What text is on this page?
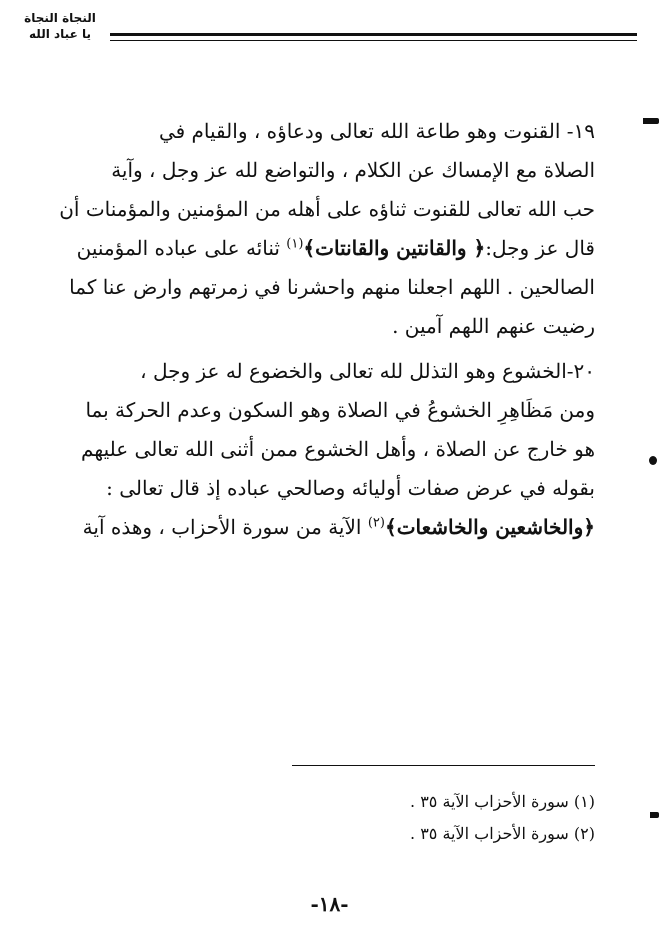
النجاة النجاة
يا عباد الله

١٩- القنوت وهو طاعة الله تعالى ودعاؤه ، والقيام في

الصلاة مع الإمساك عن الكلام ، والتواضع لله عز وجل ، وآية

حب الله تعالى للقنوت ثناؤه على أهله من المؤمنين والمؤمنات أن

قال عز وجل:﴿ والقانتين والقانتات﴾$^{(١)}$ ثنائه على عباده المؤمنين

الصالحين . اللهم اجعلنا منهم واحشرنا في زمرتهم وارض عنا كما

رضيت عنهم اللهم آمين .

٢٠-الخشوع وهو التذلل لله تعالى والخضوع له عز وجل ،

ومن مَظَاهِرِ الخشوعُ في الصلاة وهو السكون وعدم الحركة بما

هو خارج عن الصلاة ، وأهل الخشوع ممن أثنى الله تعالى عليهم

بقوله في عرض صفات أوليائه وصالحي عباده إذ قال تعالى :

﴿والخاشعين والخاشعات﴾$^{(٢)}$ الآية من سورة الأحزاب ، وهذه آية

(١) سورة الأحزاب الآية ٣٥ .

(٢) سورة الأحزاب الآية ٣٥ .

-١٨-
